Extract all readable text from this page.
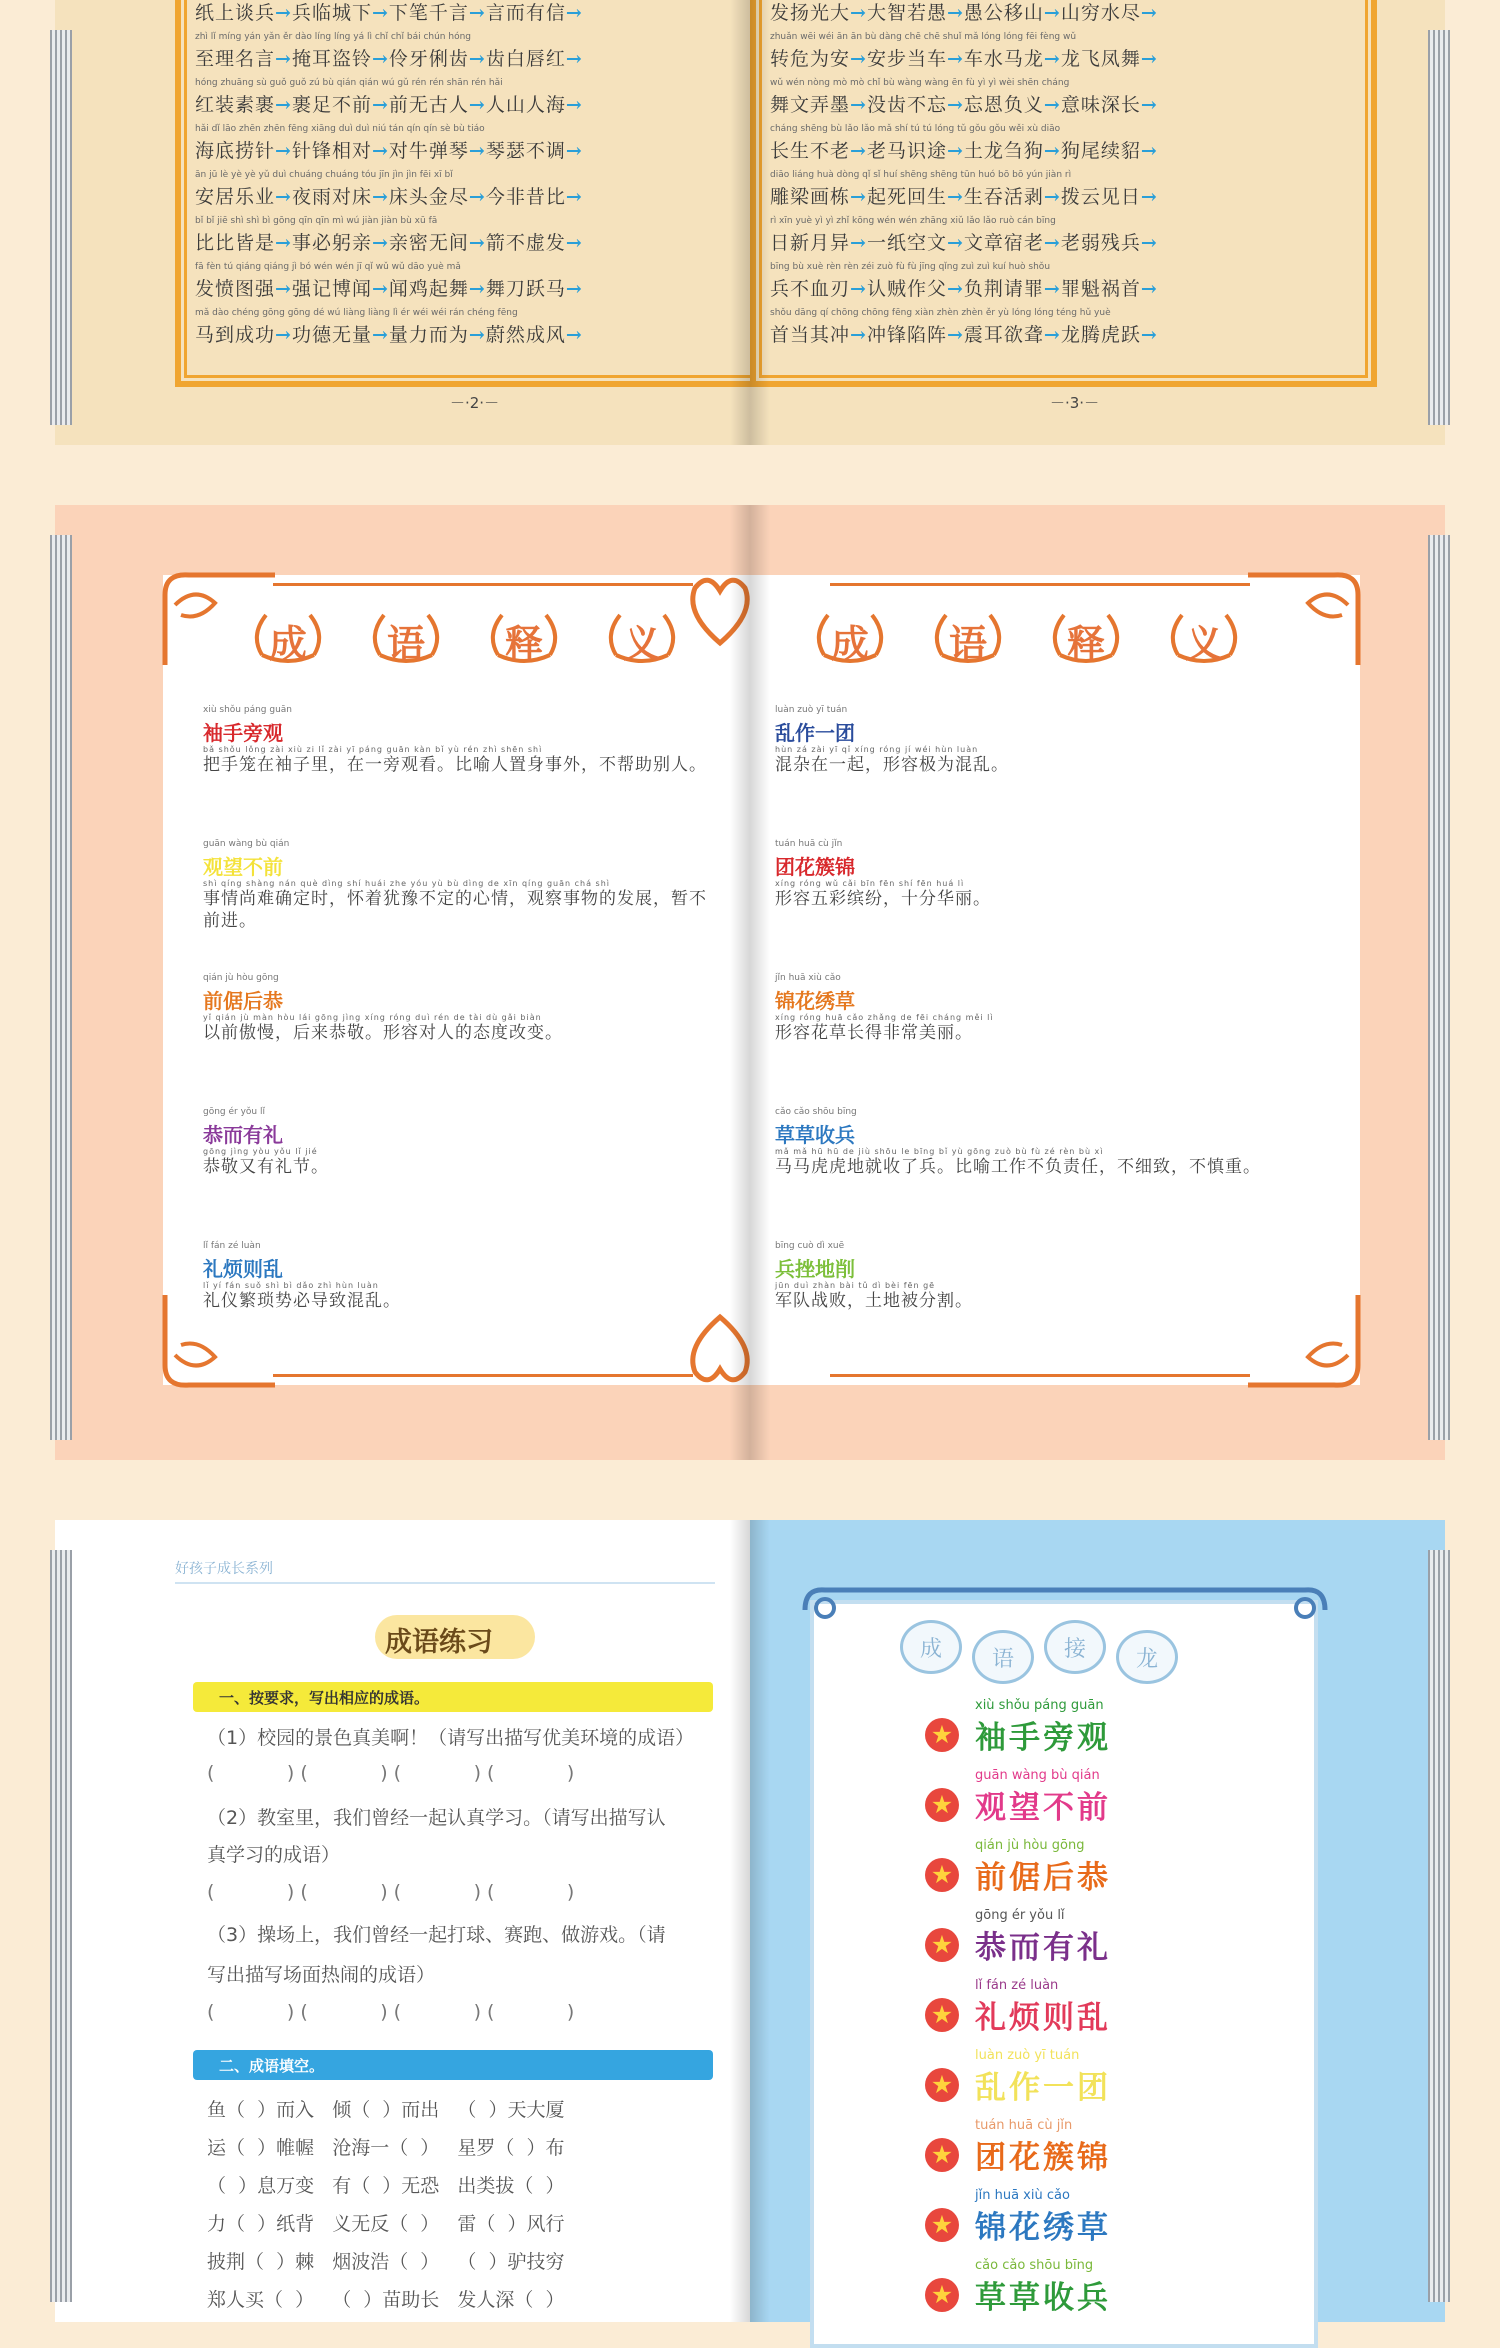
纸上谈兵→兵临城下→下笔千言→言而有信→
zhì lǐ míng yán yǎn ěr dào líng líng yá lì chǐ chǐ bái chún hóng
至理名言→掩耳盗铃→伶牙俐齿→齿白唇红→
hóng zhuāng sù guǒ guǒ zú bù qián qián wú gǔ rén rén shān rén hǎi
红装素裹→裹足不前→前无古人→人山人海→
hǎi dǐ lāo zhēn zhēn fēng xiāng duì duì niú tán qín qín sè bù tiáo
海底捞针→针锋相对→对牛弹琴→琴瑟不调→
ān jū lè yè yè yǔ duì chuáng chuáng tóu jīn jìn jìn fēi xī bǐ
安居乐业→夜雨对床→床头金尽→今非昔比→
bǐ bǐ jiē shì shì bì gōng qīn qīn mì wú jiàn jiàn bù xū fā
比比皆是→事必躬亲→亲密无间→箭不虚发→
fā fèn tú qiáng qiáng jì bó wén wén jī qǐ wǔ wǔ dāo yuè mǎ
发愤图强→强记博闻→闻鸡起舞→舞刀跃马→
mǎ dào chéng gōng gōng dé wú liàng liàng lì ér wéi wéi rán chéng fēng
马到成功→功德无量→量力而为→蔚然成风→
－·2·－
发扬光大→大智若愚→愚公移山→山穷水尽→
zhuǎn wēi wéi ān ān bù dàng chē chē shuǐ mǎ lóng lóng fēi fèng wǔ
转危为安→安步当车→车水马龙→龙飞凤舞→
wǔ wén nòng mò mò chǐ bù wàng wàng ēn fù yì yì wèi shēn cháng
舞文弄墨→没齿不忘→忘恩负义→意味深长→
cháng shēng bù lǎo lǎo mǎ shí tú tú lóng tǔ gǒu gǒu wěi xù diāo
长生不老→老马识途→土龙刍狗→狗尾续貂→
diāo liáng huà dòng qǐ sǐ huí shēng shēng tūn huó bō bō yún jiàn rì
雕梁画栋→起死回生→生吞活剥→拨云见日→
rì xīn yuè yì yì zhǐ kōng wén wén zhāng xiǔ lǎo lǎo ruò cán bīng
日新月异→一纸空文→文章宿老→老弱残兵→
bīng bù xuè rèn rèn zéi zuò fù fù jīng qǐng zuì zuì kuí huò shǒu
兵不血刃→认贼作父→负荆请罪→罪魁祸首→
shǒu dāng qí chōng chōng fēng xiàn zhèn zhèn ěr yù lóng lóng téng hǔ yuè
首当其冲→冲锋陷阵→震耳欲聋→龙腾虎跃→
－·3·－
成	语	释	义
xiù shǒu páng guān
袖手旁观
bǎ shǒu lǒng zài xiù zi lǐ zài yī páng guān kàn bǐ yù rén zhì shēn shì
把手笼在袖子里，在一旁观看。比喻人置身事外，不帮助别人。
guān wàng bù qián
观望不前
shì qíng shàng nán què dìng shí huái zhe yóu yù bù dìng de xīn qíng guān chá shì
事情尚难确定时，怀着犹豫不定的心情，观察事物的发展，暂不前进。
qián jù hòu gōng
前倨后恭
yǐ qián jù màn hòu lái gōng jìng xíng róng duì rén de tài dù gǎi biàn
以前傲慢，后来恭敬。形容对人的态度改变。
gōng ér yǒu lǐ
恭而有礼
gōng jìng yòu yǒu lǐ jié
恭敬又有礼节。
lǐ fán zé luàn
礼烦则乱
lǐ yí fán suǒ shì bì dǎo zhì hùn luàn
礼仪繁琐势必导致混乱。
成	语	释	义
luàn zuò yī tuán
乱作一团
hùn zá zài yī qǐ xíng róng jí wéi hùn luàn
混杂在一起，形容极为混乱。
tuán huā cù jǐn
团花簇锦
xíng róng wǔ cǎi bīn fēn shí fēn huá lì
形容五彩缤纷，十分华丽。
jǐn huā xiù cǎo
锦花绣草
xíng róng huā cǎo zhǎng de fēi cháng měi lì
形容花草长得非常美丽。
cǎo cǎo shōu bīng
草草收兵
mǎ mǎ hū hū de jiù shōu le bīng bǐ yù gōng zuò bù fù zé rèn bù xì
马马虎虎地就收了兵。比喻工作不负责任，不细致，不慎重。
bīng cuò dì xuē
兵挫地削
jūn duì zhàn bài tǔ dì bèi fēn gē
军队战败，土地被分割。
好孩子成长系列
成语练习
一、按要求，写出相应的成语。
（1）校园的景色真美啊！（请写出描写优美环境的成语）
(            ) (            ) (            ) (            )
（2）教室里，我们曾经一起认真学习。（请写出描写认
真学习的成语）
(            ) (            ) (            ) (            )
（3）操场上，我们曾经一起打球、赛跑、做游戏。（请
写出描写场面热闹的成语）
(            ) (            ) (            ) (            )
二、成语填空。
鱼（  ）而入   倾（  ）而出   （  ）天大厦
运（  ）帷幄   沧海一（  ）   星罗（  ）布
（  ）息万变   有（  ）无恐   出类拔（  ）
力（  ）纸背   义无反（  ）   雷（  ）风行
披荆（  ）棘   烟波浩（  ）   （  ）驴技穷
郑人买（  ）   （  ）苗助长   发人深（  ）
成	语	接	龙
★
xiù shǒu páng guān
袖手旁观
★
guān wàng bù qián
观望不前
★
qián jù hòu gōng
前倨后恭
★
gōng ér yǒu lǐ
恭而有礼
★
lǐ fán zé luàn
礼烦则乱
★
luàn zuò yī tuán
乱作一团
★
tuán huā cù jǐn
团花簇锦
★
jǐn huā xiù cǎo
锦花绣草
★
cǎo cǎo shōu bīng
草草收兵
